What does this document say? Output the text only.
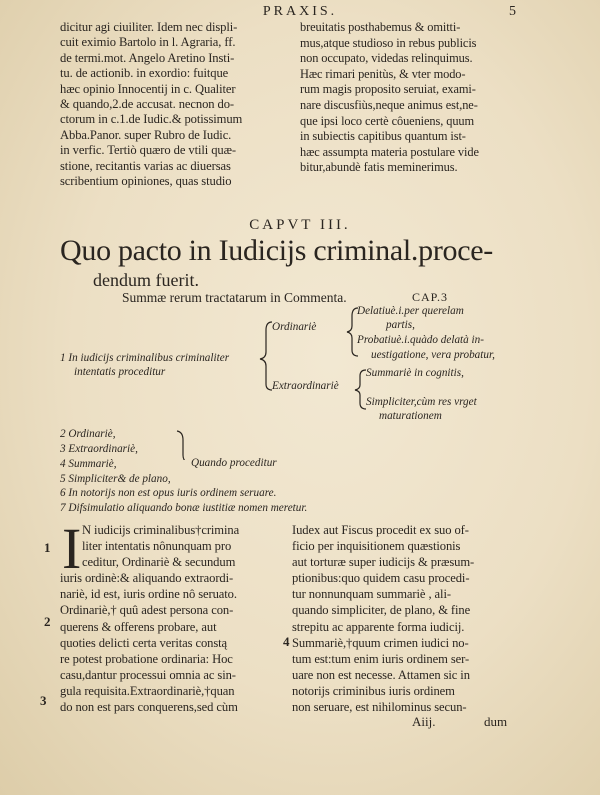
PRAXIS.	5
dicitur agi ciuiliter. Idem nec displi-
cuit eximio Bartolo in l. Agraria, ff.
de termi.mot. Angelo Aretino Insti-
tu. de actionib. in exordio: fuitque
hæc opinio Innocentij in c. Qualiter
& quando,2.de accusat. necnon do-
ctorum in c.1.de Iudic.& potissimum
Abba.Panor. super Rubro de Iudic.
in verfic. Tertiò quæro de vtili quæ-
stione, recitantis varias ac diuersas
scribentium opiniones, quas studio
breuitatis posthabemus & omitti-
mus,atque studioso in rebus publicis
non occupato, videdas relinquimus.
Hæc rimari penitùs, & vter modo-
rum magis proposito seruiat, exami-
nare discusfiùs,neque animus est,ne-
que ipsi loco certè côueniens, quum
in subiectis capitibus quantum ist-
hæc assumpta materia postulare vide
bitur,abundè fatis meminerimus.
CAPVT III.
Quo pacto in Iudicijs criminal.proce-
dendum fuerit.
Summæ rerum tractatarum in Commenta.	CAP.3
1 In iudicijs criminalibus criminaliter
intentatis proceditur
Ordinariè
Extraordinariè
Delatiuè.i.per querelam
partis,
Probatiuè.i.quàdo delatà in-
uestigatione, vera probatur,
Summariè in cognitis,
Simpliciter,cùm res vrget
maturationem
2 Ordinariè,
3 Extraordinariè,
4 Summariè,
5 Simpliciter& de plano,
Quando proceditur
6 In notorijs non est opus iuris ordinem seruare.
7 Difsimulatio aliquando bonæ iustitiæ nomen meretur.
I N iudicijs criminalibus†crimina
liter intentatis nônunquam pro
ceditur, Ordinariè & secundum
iuris ordinè:& aliquando extraordi-
nariè, id est, iuris ordine nô seruato.
Ordinariè,† quû adest persona con-
querens & offerens probare, aut
quoties delicti certa veritas constą
re potest probatione ordinaria: Hoc
casu,dantur processui omnia ac sin-
gula requisita.Extraordinariè,†quan
do non est pars conquerens,sed cùm
Iudex aut Fiscus procedit ex suo of-
ficio per inquisitionem quæstionis
aut torturæ super iudicijs & præsum-
ptionibus:quo quidem casu procedi-
tur nonnunquam summariè , ali-
quando simpliciter, de plano, & fine
strepitu ac apparente forma iudicij.
Summariè,†quum crimen iudici no-
tum est:tum enim iuris ordinem ser-
uare non est necesse. Attamen sic in
notorijs criminibus iuris ordinem
non seruare, est nihilominus secun-
1
2
3
4
Aiij.	dum
